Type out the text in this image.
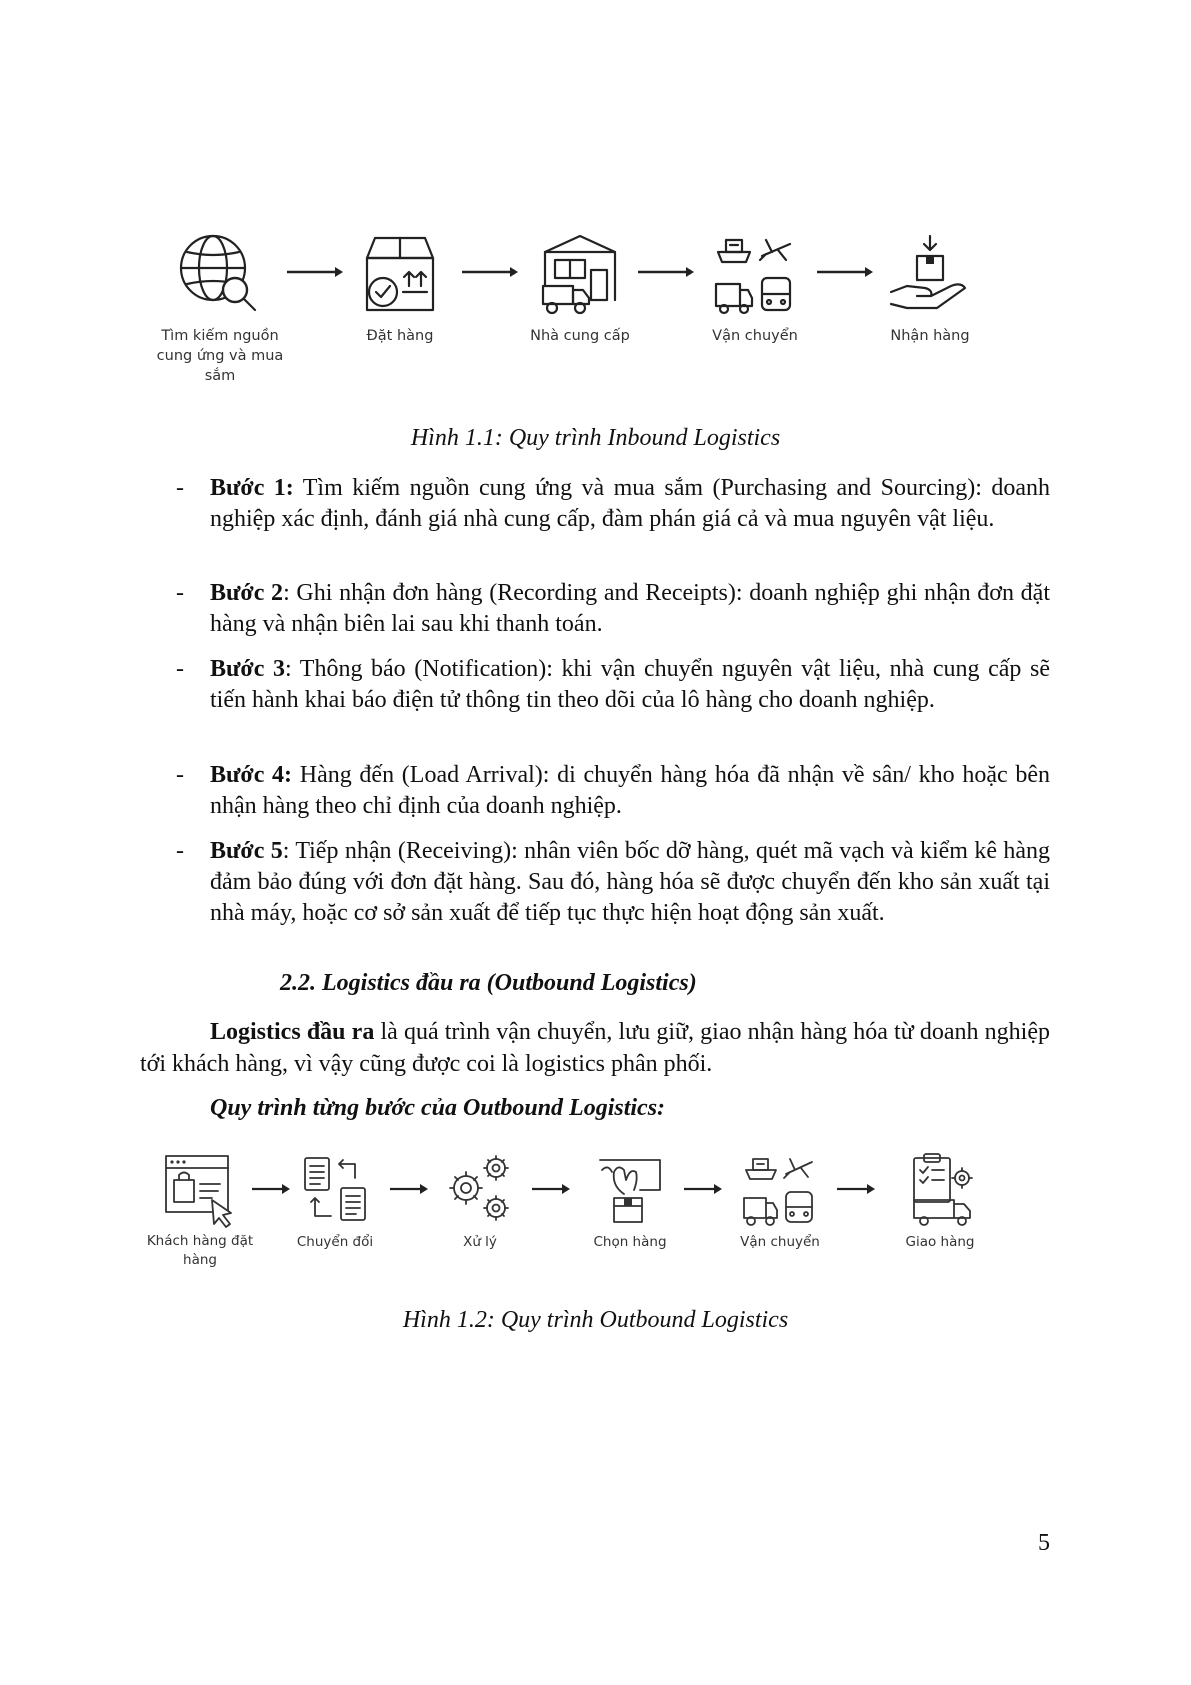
Tìm kiếm nguồn cung ứng và mua sắm
Đặt hàng	Nhà cung cấp	Vận chuyển	Nhận hàng
Hình 1.1: Quy trình Inbound Logistics
- Bước 1: Tìm kiếm nguồn cung ứng và mua sắm (Purchasing and Sourcing): doanh nghiệp xác định, đánh giá nhà cung cấp, đàm phán giá cả và mua nguyên vật liệu.
- Bước 2: Ghi nhận đơn hàng (Recording and Receipts): doanh nghiệp ghi nhận đơn đặt hàng và nhận biên lai sau khi thanh toán.
- Bước 3: Thông báo (Notification): khi vận chuyển nguyên vật liệu, nhà cung cấp sẽ tiến hành khai báo điện tử thông tin theo dõi của lô hàng cho doanh nghiệp.
- Bước 4: Hàng đến (Load Arrival): di chuyển hàng hóa đã nhận về sân/ kho hoặc bên nhận hàng theo chỉ định của doanh nghiệp.
- Bước 5: Tiếp nhận (Receiving): nhân viên bốc dỡ hàng, quét mã vạch và kiểm kê hàng đảm bảo đúng với đơn đặt hàng. Sau đó, hàng hóa sẽ được chuyển đến kho sản xuất tại nhà máy, hoặc cơ sở sản xuất để tiếp tục thực hiện hoạt động sản xuất.
2.2. Logistics đầu ra (Outbound Logistics)
Logistics đầu ra là quá trình vận chuyển, lưu giữ, giao nhận hàng hóa từ doanh nghiệp tới khách hàng, vì vậy cũng được coi là logistics phân phối.
Quy trình từng bước của Outbound Logistics:
Khách hàng đặt hàng
Chuyển đổi	Xử lý	Chọn hàng	Vận chuyển	Giao hàng
Hình 1.2: Quy trình Outbound Logistics
5
